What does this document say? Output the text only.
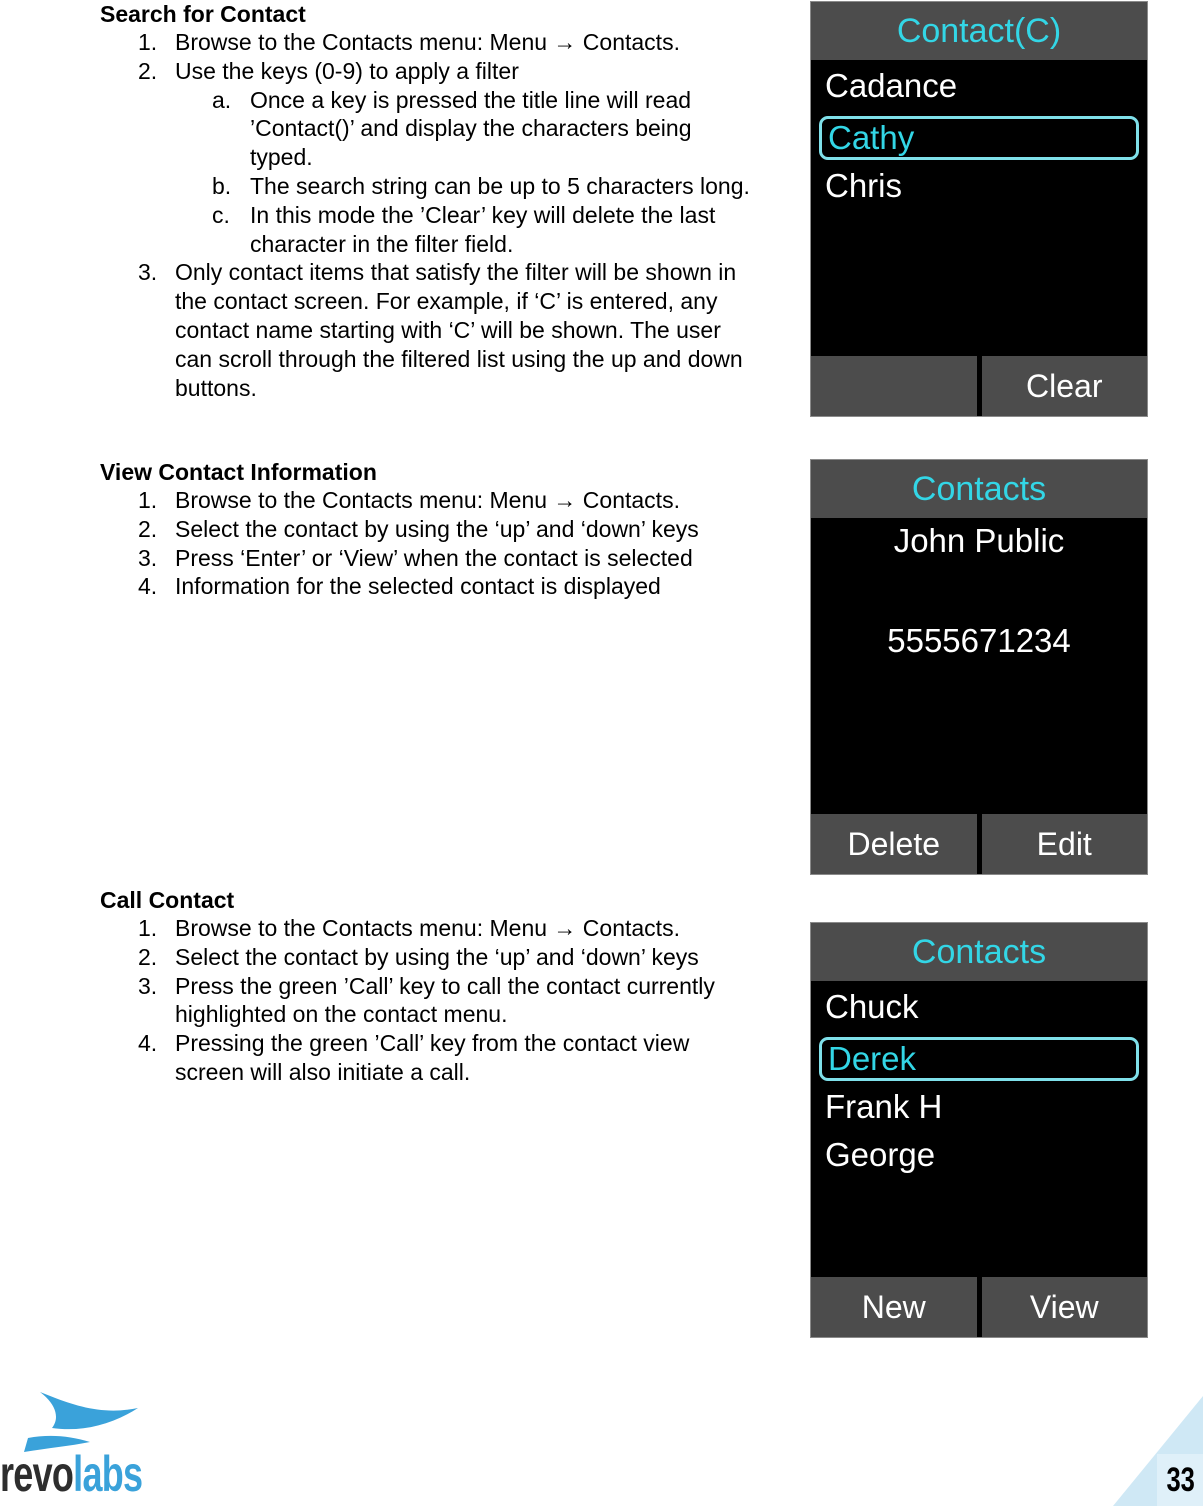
Search for Contact
1. Browse to the Contacts menu: Menu → Contacts.
2. Use the keys (0-9) to apply a filter
a. Once a key is pressed the title line will read ’Contact()’ and display the characters being typed.
b. The search string can be up to 5 characters long.
c. In this mode the ’Clear’ key will delete the last character in the filter field.
3. Only contact items that satisfy the filter will be shown in the contact screen. For example, if ‘C’ is entered, any contact name starting with ‘C’ will be shown. The user can scroll through the filtered list using the up and down buttons.
View Contact Information
1. Browse to the Contacts menu: Menu → Contacts.
2. Select the contact by using the ‘up’ and ‘down’ keys
3. Press ‘Enter’ or ‘View’ when the contact is selected
4. Information for the selected contact is displayed
Call Contact
1. Browse to the Contacts menu: Menu → Contacts.
2. Select the contact by using the ‘up’ and ‘down’ keys
3. Press the green ’Call’ key to call the contact currently highlighted on the contact menu.
4. Pressing the green ’Call’ key from the contact view screen will also initiate a call.
Contact(C)
Cadance
Cathy
Chris
Clear
Contacts
John Public
5555671234
Delete	Edit
Contacts
Chuck
Derek
Frank H
George
New	View
revolabs	33
